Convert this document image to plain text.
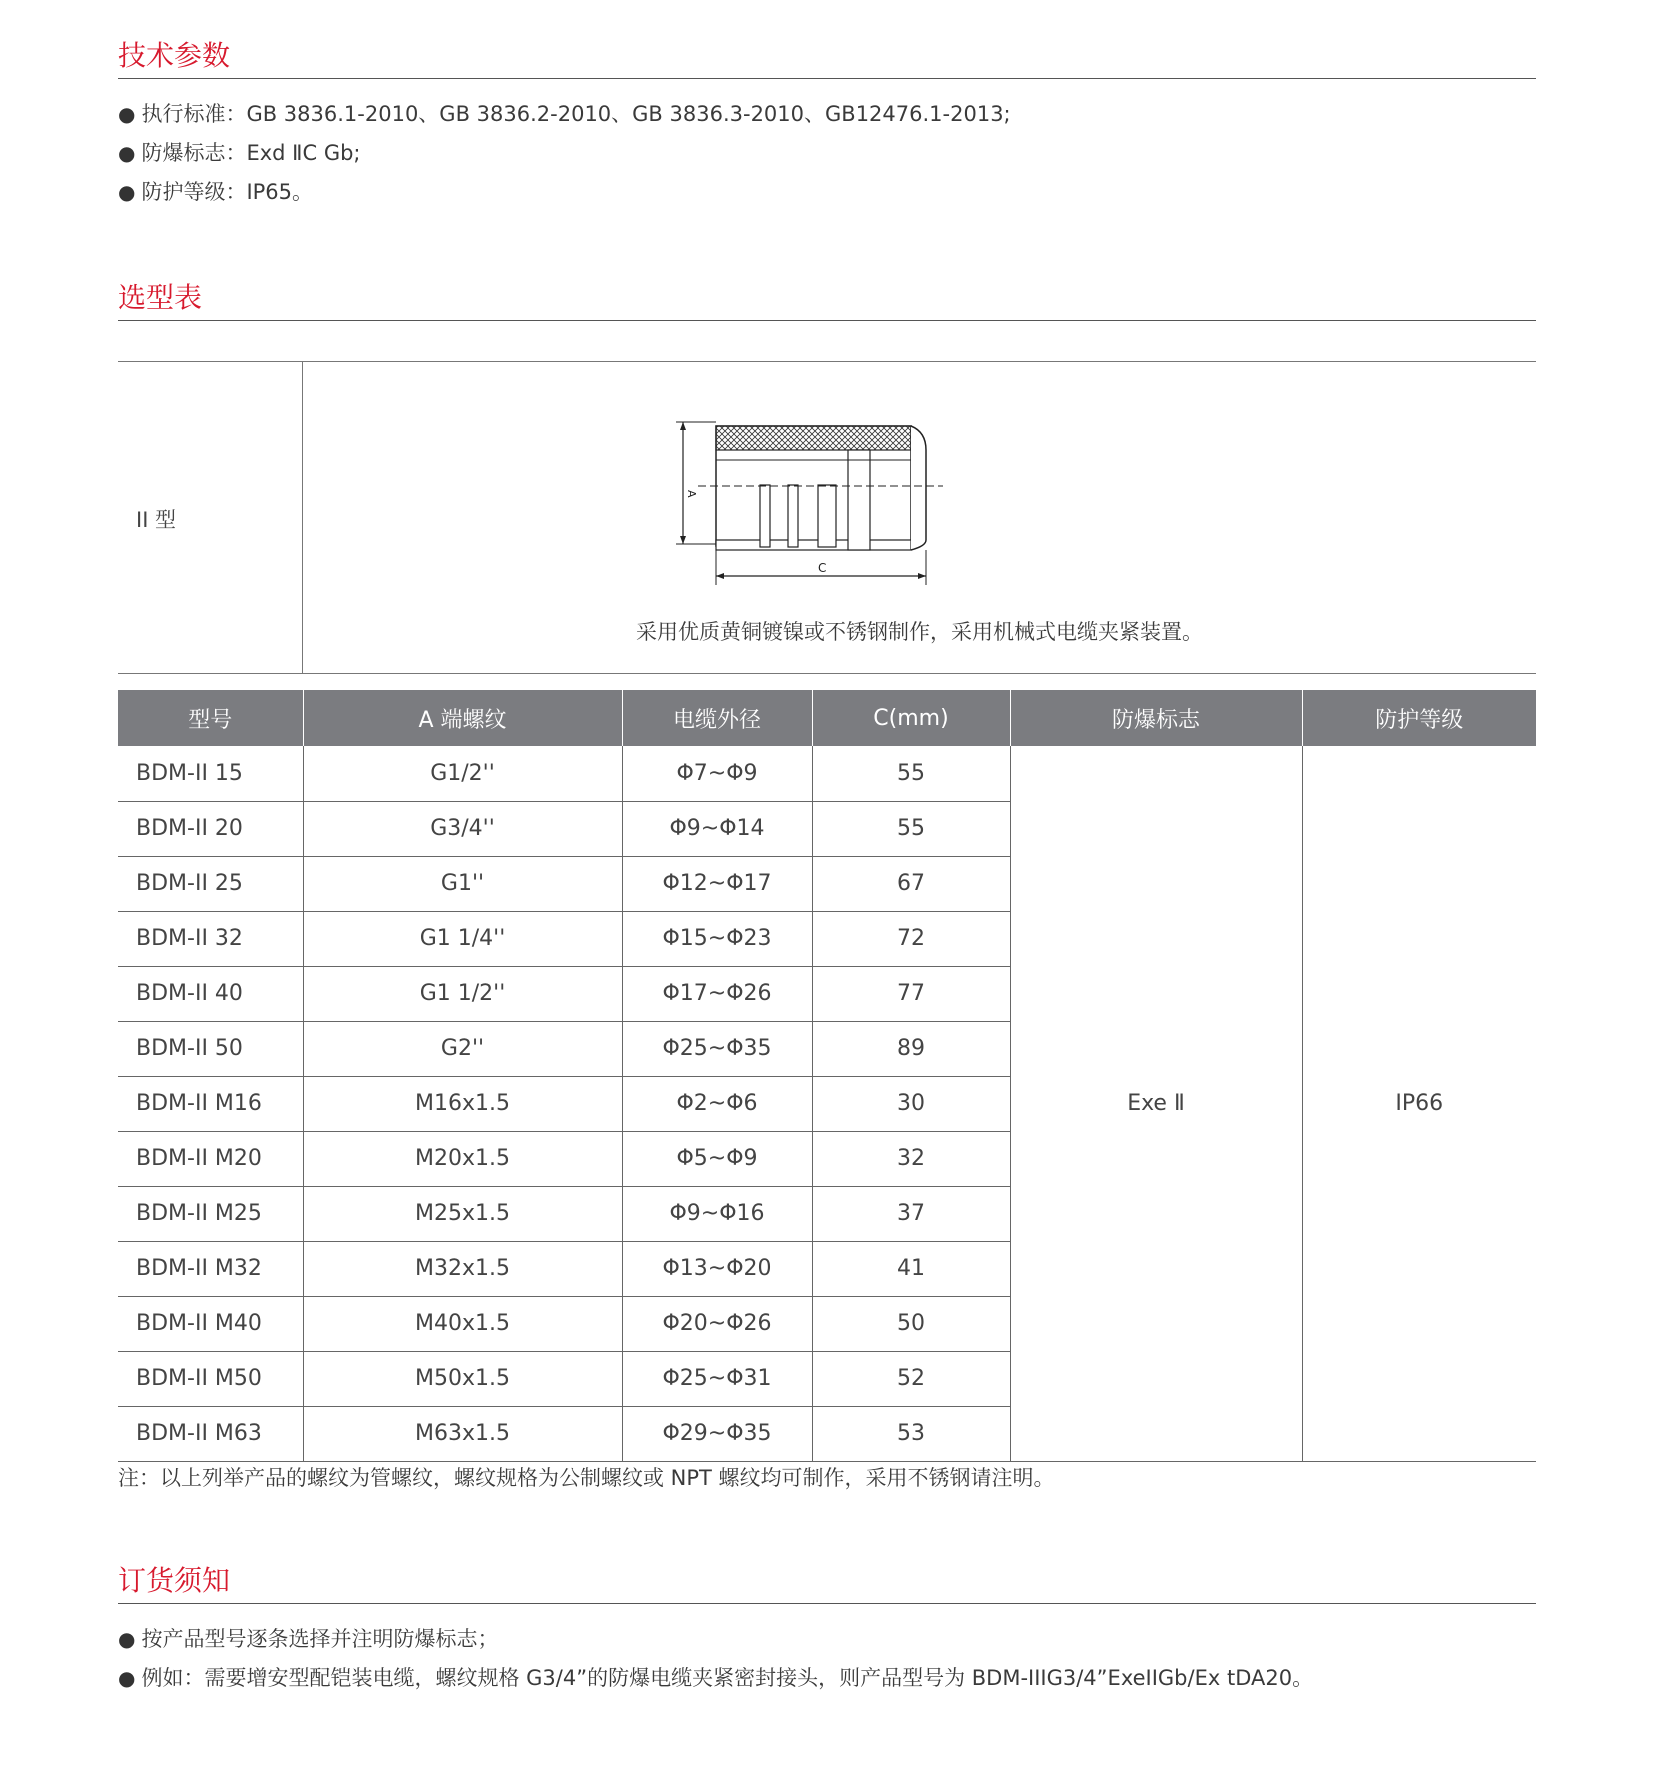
技术参数
● 执行标准：GB 3836.1-2010、GB 3836.2-2010、GB 3836.3-2010、GB12476.1-2013;
● 防爆标志：Exd ⅡC Gb;
● 防护等级：IP65。
选型表
II 型
A
C
采用优质黄铜镀镍或不锈钢制作，采用机械式电缆夹紧装置。
型号	A 端螺纹	电缆外径	C(mm)	防爆标志	防护等级
BDM-II 15	G1/2''	Φ7~Φ9	55	Exe Ⅱ	IP66
BDM-II 20	G3/4''	Φ9~Φ14	55		
BDM-II 25	G1''	Φ12~Φ17	67		
BDM-II 32	G1 1/4''	Φ15~Φ23	72		
BDM-II 40	G1 1/2''	Φ17~Φ26	77		
BDM-II 50	G2''	Φ25~Φ35	89		
BDM-II M16	M16x1.5	Φ2~Φ6	30		
BDM-II M20	M20x1.5	Φ5~Φ9	32		
BDM-II M25	M25x1.5	Φ9~Φ16	37		
BDM-II M32	M32x1.5	Φ13~Φ20	41		
BDM-II M40	M40x1.5	Φ20~Φ26	50		
BDM-II M50	M50x1.5	Φ25~Φ31	52		
BDM-II M63	M63x1.5	Φ29~Φ35	53		
注：以上列举产品的螺纹为管螺纹，螺纹规格为公制螺纹或 NPT 螺纹均可制作，采用不锈钢请注明。
订货须知
● 按产品型号逐条选择并注明防爆标志；
● 例如：需要增安型配铠装电缆，螺纹规格 G3/4”的防爆电缆夹紧密封接头，则产品型号为 BDM-IIIG3/4”ExeIIGb/Ex tDA20。
